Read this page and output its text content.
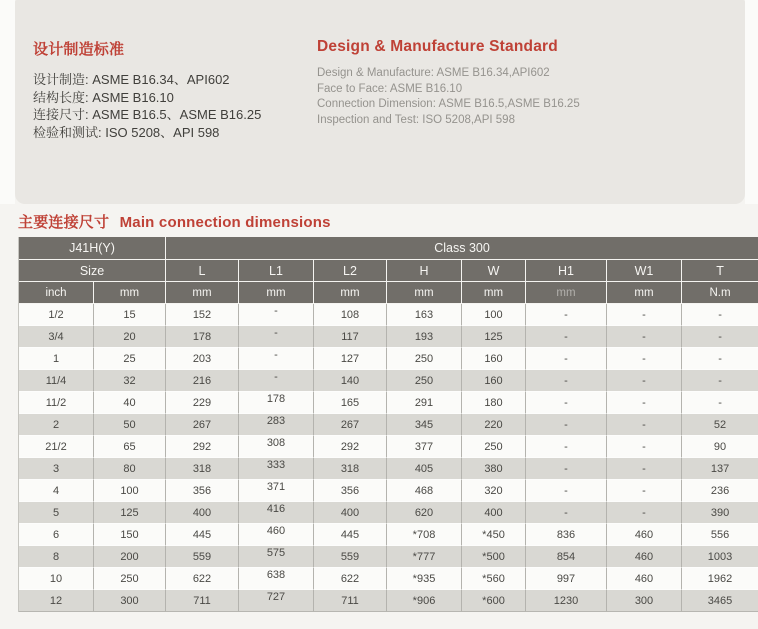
设计制造标准

设计制造: ASME B16.34、API602

结构长度: ASME B16.10

连接尺寸: ASME B16.5、ASME B16.25

检验和测试: ISO 5208、API 598

Design & Manufacture Standard

Design & Manufacture: ASME B16.34,API602

Face to Face: ASME B16.10

Connection Dimension: ASME B16.5,ASME B16.25

Inspection and Test: ISO 5208,API 598

主要连接尺寸 Main connection dimensions
J41H(Y)		Class 300							
Size		L	L1	L2	H	W	H1	W1	T
inch	mm	mm	mm	mm	mm	mm	mm	mm	N.m
1/2	15	152	-	108	163	100	-	-	-
3/4	20	178	-	117	193	125	-	-	-
1	25	203	-	127	250	160	-	-	-
11/4	32	216	-	140	250	160	-	-	-
11/2	40	229	178	165	291	180	-	-	-
2	50	267	283	267	345	220	-	-	52
21/2	65	292	308	292	377	250	-	-	90
3	80	318	333	318	405	380	-	-	137
4	100	356	371	356	468	320	-	-	236
5	125	400	416	400	620	400	-	-	390
6	150	445	460	445	*708	*450	836	460	556
8	200	559	575	559	*777	*500	854	460	1003
10	250	622	638	622	*935	*560	997	460	1962
12	300	711	727	711	*906	*600	1230	300	3465
